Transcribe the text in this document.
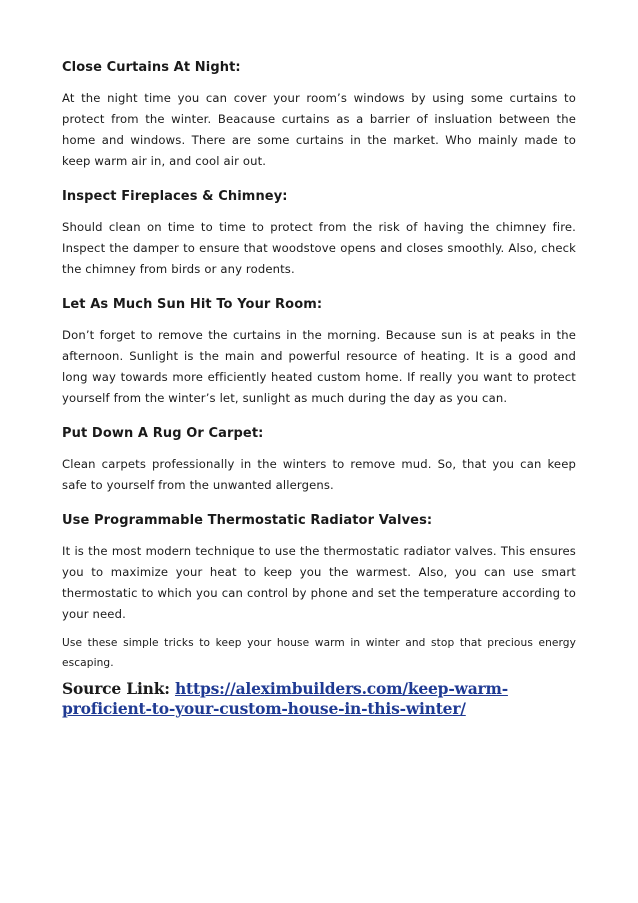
Close Curtains At Night:

At the night time you can cover your room’s windows by using some curtains to protect from the winter. Beacause curtains as a barrier of insluation between the home and windows. There are some curtains in the market. Who mainly made to keep warm air in, and cool air out.

Inspect Fireplaces & Chimney:

Should clean on time to time to protect from the risk of having the chimney fire. Inspect the damper to ensure that woodstove opens and closes smoothly. Also, check the chimney from birds or any rodents.

Let As Much Sun Hit To Your Room:

Don’t forget to remove the curtains in the morning. Because sun is at peaks in the afternoon. Sunlight is the main and powerful resource of heating. It is a good and long way towards more efficiently heated custom home. If really you want to protect yourself from the winter’s let, sunlight as much during the day as you can.

Put Down A Rug Or Carpet:

Clean carpets professionally in the winters to remove mud. So, that you can keep safe to yourself from the unwanted allergens.

Use Programmable Thermostatic Radiator Valves:

It is the most modern technique to use the thermostatic radiator valves. This ensures you to maximize your heat to keep you the warmest. Also, you can use smart thermostatic to which you can control by phone and set the temperature according to your need.

Use these simple tricks to keep your house warm in winter and stop that precious energy escaping.

Source Link: https://aleximbuilders.com/keep-warm-proficient-to-your-custom-house-in-this-winter/
